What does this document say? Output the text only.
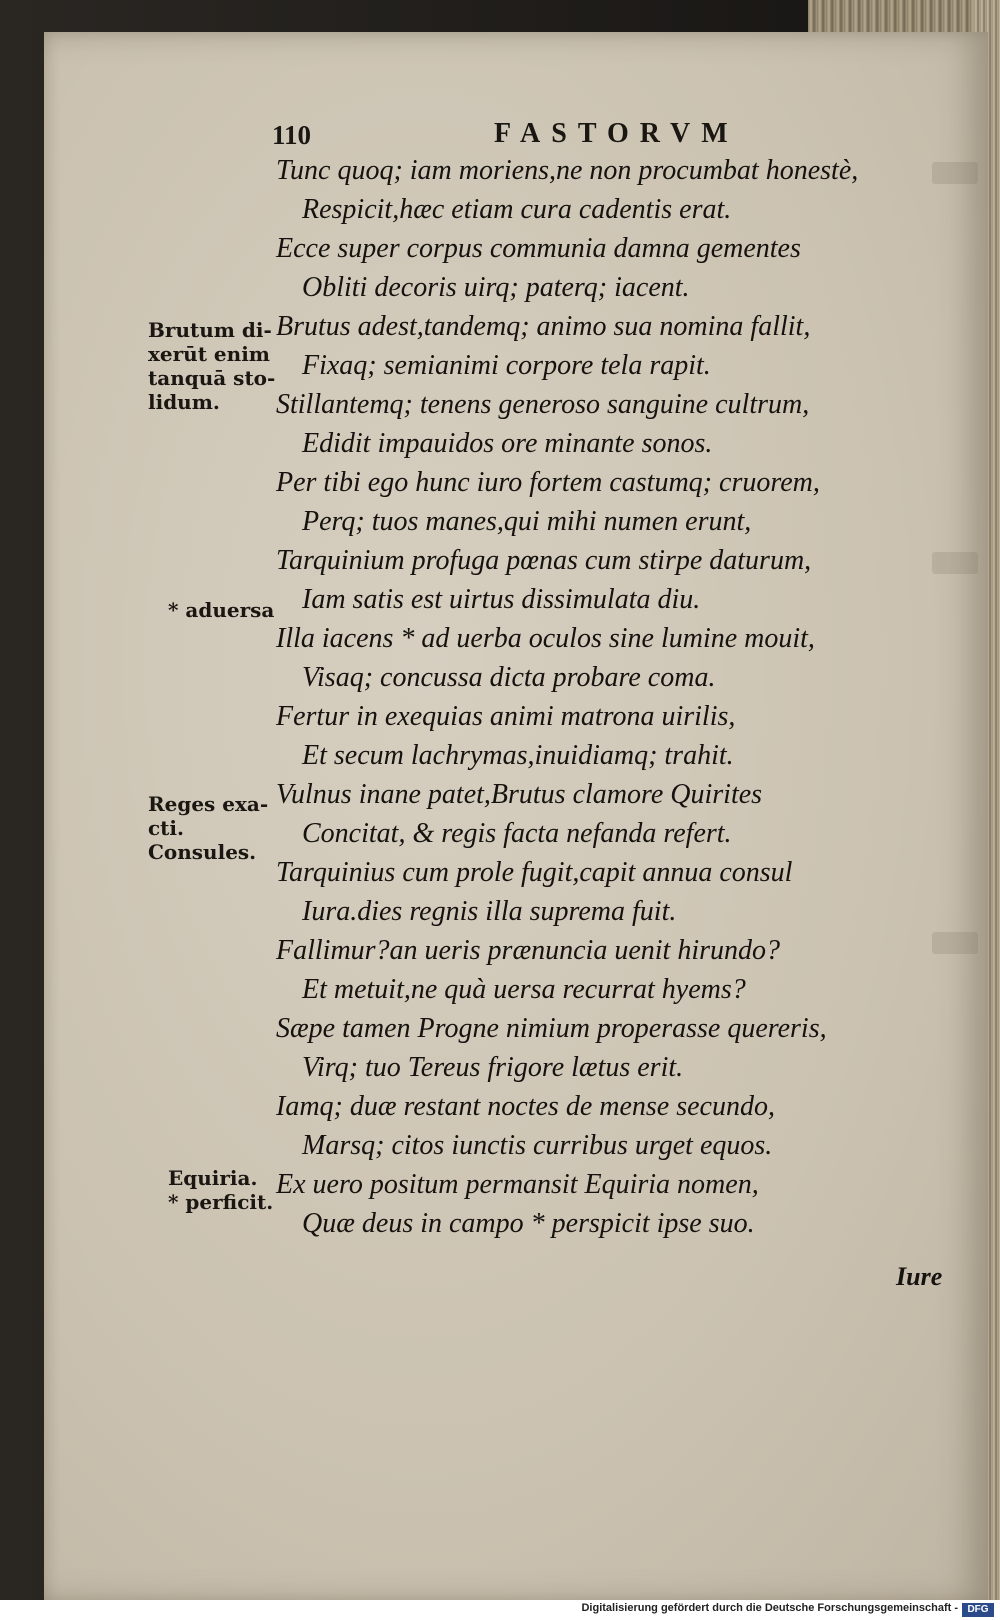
110	FASTORVM
Tunc quoq; iam moriens,ne non procumbat honestè,
Respicit,hæc etiam cura cadentis erat.
Ecce super corpus communia damna gementes
Obliti decoris uirq; paterq; iacent.
Brutus adest,tandemq; animo sua nomina fallit,
Fixaq; semianimi corpore tela rapit.
Stillantemq; tenens generoso sanguine cultrum,
Edidit impauidos ore minante sonos.
Per tibi ego hunc iuro fortem castumq; cruorem,
Perq; tuos manes,qui mihi numen erunt,
Tarquinium profuga pœnas cum stirpe daturum,
Iam satis est uirtus dissimulata diu.
Illa iacens * ad uerba oculos sine lumine mouit,
Visaq; concussa dicta probare coma.
Fertur in exequias animi matrona uirilis,
Et secum lachrymas,inuidiamq; trahit.
Vulnus inane patet,Brutus clamore Quirites
Concitat, & regis facta nefanda refert.
Tarquinius cum prole fugit,capit annua consul
Iura.dies regnis illa suprema fuit.
Fallimur?an ueris prænuncia uenit hirundo?
Et metuit,ne quà uersa recurrat hyems?
Sæpe tamen Progne nimium properasse quereris,
Virq; tuo Tereus frigore lætus erit.
Iamq; duæ restant noctes de mense secundo,
Marsq; citos iunctis curribus urget equos.
Ex uero positum permansit Equiria nomen,
Quæ deus in campo * perspicit ipse suo.
Brutum di-
xerūt enim
tanquā sto-
lidum.
* aduersa
Reges exa-
cti.
Consules.
Equiria.
* perficit.
Iure
Digitalisierung gefördert durch die Deutsche Forschungsgemeinschaft - DFG
